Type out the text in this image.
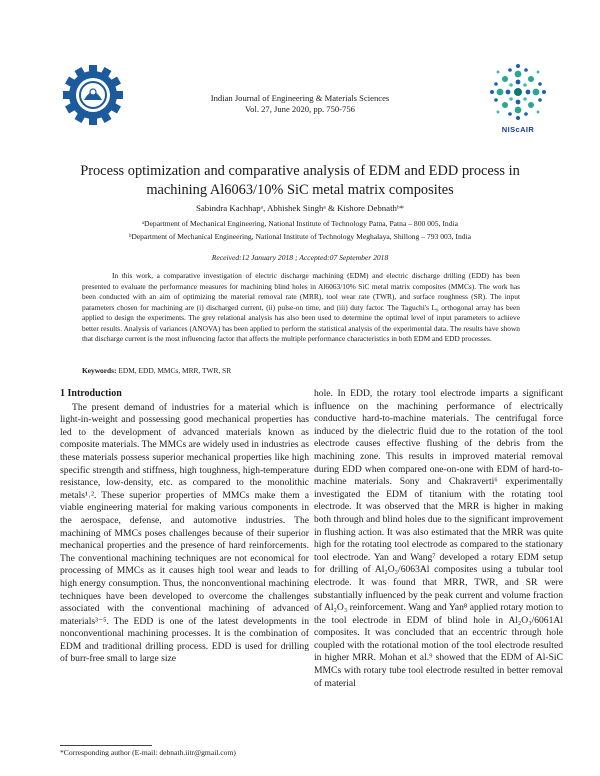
Indian Journal of Engineering & Materials Sciences
Vol. 27, June 2020, pp. 750-756
NIScAIR
Process optimization and comparative analysis of EDM and EDD process in machining Al6063/10% SiC metal matrix composites
Sabindra Kachhapᵃ, Abhishek Singhᵃ & Kishore Debnathᵇ*
ᵃDepartment of Mechanical Engineering, National Institute of Technology Patna, Patna – 800 005, India
ᵇDepartment of Mechanical Engineering, National Institute of Technology Meghalaya, Shillong – 793 003, India
Received:12 January 2018 ; Accepted:07 September 2018

In this work, a comparative investigation of electric discharge machining (EDM) and electric discharge drilling (EDD) has been presented to evaluate the performance measures for machining blind holes in Al6063/10% SiC metal matrix composites (MMCs). The work has been conducted with an aim of optimizing the material removal rate (MRR), tool wear rate (TWR), and surface roughness (SR). The input parameters chosen for machining are (i) discharged current, (ii) pulse-on time, and (iii) duty factor. The Taguchi's L₉ orthogonal array has been applied to design the experiments. The grey relational analysis has also been used to determine the optimal level of input parameters to achieve better results. Analysis of variances (ANOVA) has been applied to perform the statistical analysis of the experimental data. The results have shown that discharge current is the most influencing factor that affects the multiple performance characteristics in both EDM and EDD processes.

Keywords: EDM, EDD, MMCs, MRR, TWR, SR
1 Introduction

The present demand of industries for a material which is light-in-weight and possessing good mechanical properties has led to the development of advanced materials known as composite materials. The MMCs are widely used in industries as these materials possess superior mechanical properties like high specific strength and stiffness, high toughness, high-temperature resistance, low-density, etc. as compared to the monolithic metals¹˒². These superior properties of MMCs make them a viable engineering material for making various components in the aerospace, defense, and automotive industries. The machining of MMCs poses challenges because of their superior mechanical properties and the presence of hard reinforcements. The conventional machining techniques are not economical for processing of MMCs as it causes high tool wear and leads to high energy consumption. Thus, the nonconventional machining techniques have been developed to overcome the challenges associated with the conventional machining of advanced materials³⁻⁵. The EDD is one of the latest developments in nonconventional machining processes. It is the combination of EDM and traditional drilling process. EDD is used for drilling of burr-free small to large size

hole. In EDD, the rotary tool electrode imparts a significant influence on the machining performance of electrically conductive hard-to-machine materials. The centrifugal force induced by the dielectric fluid due to the rotation of the tool electrode causes effective flushing of the debris from the machining zone. This results in improved material removal during EDD when compared one-on-one with EDM of hard-to-machine materials. Sony and Chakraverti⁶ experimentally investigated the EDM of titanium with the rotating tool electrode. It was observed that the MRR is higher in making both through and blind holes due to the significant improvement in flushing action. It was also estimated that the MRR was quite high for the rotating tool electrode as compared to the stationary tool electrode. Yan and Wang⁷ developed a rotary EDM setup for drilling of Al₂O₃/6063Al composites using a tubular tool electrode. It was found that MRR, TWR, and SR were substantially influenced by the peak current and volume fraction of Al₂O₃ reinforcement. Wang and Yan⁸ applied rotary motion to the tool electrode in EDM of blind hole in Al₂O₃/6061Al composites. It was concluded that an eccentric through hole coupled with the rotational motion of the tool electrode resulted in higher MRR. Mohan et al.⁹ showed that the EDM of Al-SiC MMCs with rotary tube tool electrode resulted in better removal of material

*Corresponding author (E-mail: debnath.iitr@gmail.com)
